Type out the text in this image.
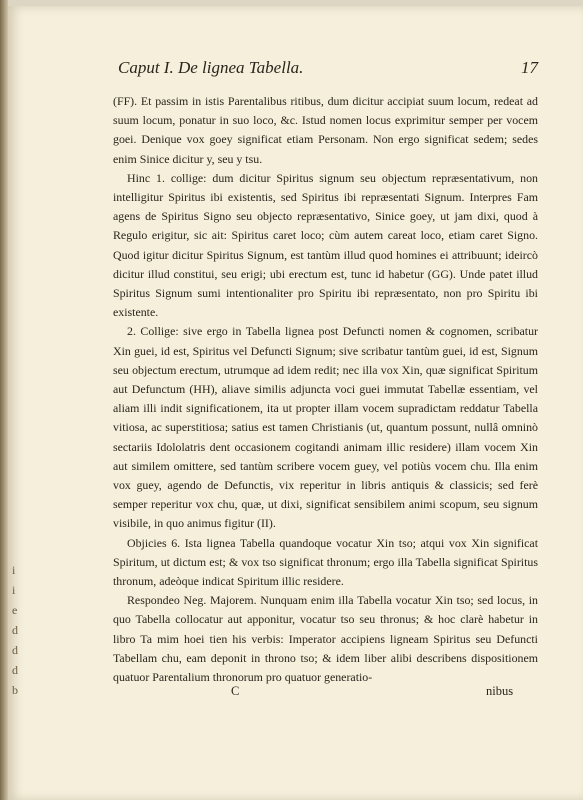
i
i
e
d
d
d
b
Caput I. De lignea Tabella.	17

(FF). Et passim in istis Parentalibus ritibus, dum dicitur accipiat suum locum, redeat ad suum locum, ponatur in suo loco, &c. Istud nomen locus exprimitur semper per vocem goei. Denique vox goey significat etiam Personam. Non ergo significat sedem; sedes enim Sinice dicitur y, seu y tsu.

Hinc 1. collige: dum dicitur Spiritus signum seu objectum repræsentativum, non intelligitur Spiritus ibi existentis, sed Spiritus ibi repræsentati Signum. Interpres Fam agens de Spiritus Signo seu objecto repræsentativo, Sinice goey, ut jam dixi, quod à Regulo erigitur, sic ait: Spiritus caret loco; cùm autem careat loco, etiam caret Signo. Quod igitur dicitur Spiritus Signum, est tantùm illud quod homines ei attribuunt; ideircò dicitur illud constitui, seu erigi; ubi erectum est, tunc id habetur (GG). Unde patet illud Spiritus Signum sumi intentionaliter pro Spiritu ibi repræsentato, non pro Spiritu ibi existente.

2. Collige: sive ergo in Tabella lignea post Defuncti nomen & cognomen, scribatur Xin guei, id est, Spiritus vel Defuncti Signum; sive scribatur tantùm guei, id est, Signum seu objectum erectum, utrumque ad idem redit; nec illa vox Xin, quæ significat Spiritum aut Defunctum (HH), aliave similis adjuncta voci guei immutat Tabellæ essentiam, vel aliam illi indit significationem, ita ut propter illam vocem supradictam reddatur Tabella vitiosa, ac superstitiosa; satius est tamen Christianis (ut, quantum possunt, nullâ omninò sectariis Idololatris dent occasionem cogitandi animam illic residere) illam vocem Xin aut similem omittere, sed tantùm scribere vocem guey, vel potiùs vocem chu. Illa enim vox guey, agendo de Defunctis, vix reperitur in libris antiquis & classicis; sed ferè semper reperitur vox chu, quæ, ut dixi, significat sensibilem animi scopum, seu signum visibile, in quo animus figitur (II).

Objicies 6. Ista lignea Tabella quandoque vocatur Xin tso; atqui vox Xin significat Spiritum, ut dictum est; & vox tso significat thronum; ergo illa Tabella significat Spiritus thronum, adeòque indicat Spiritum illic residere.

Respondeo Neg. Majorem. Nunquam enim illa Tabella vocatur Xin tso; sed locus, in quo Tabella collocatur aut apponitur, vocatur tso seu thronus; & hoc clarè habetur in libro Ta mim hoei tien his verbis: Imperator accipiens ligneam Spiritus seu Defuncti Tabellam chu, eam deponit in throno tso; & idem liber alibi describens dispositionem quatuor Parentalium thronorum pro quatuor generatio-

C	nibus
